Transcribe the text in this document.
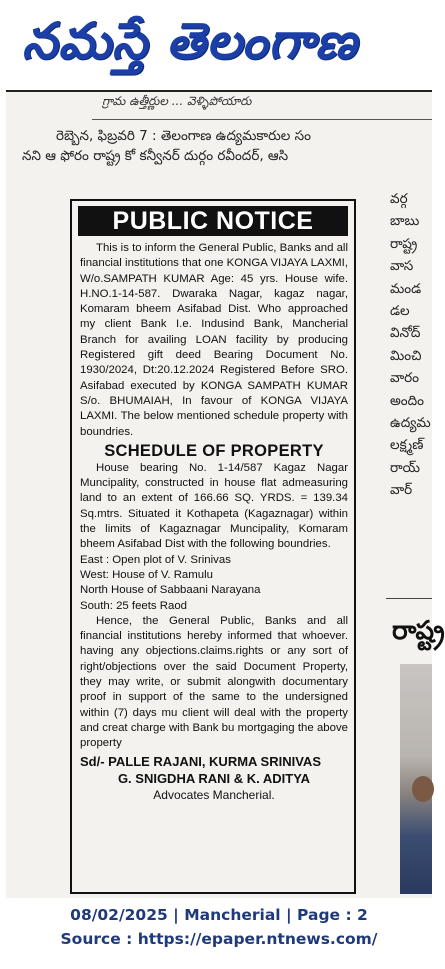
నమస్తే తెలంగాణ
గ్రామ ఉత్తీర్ణుల ... వెళ్ళిపోయారు
రెబ్బెన, ఫిబ్రవరి 7 : తెలంగాణ ఉద్యమకారుల సం
నని ఆ ఫోరం రాష్ట్ర కో కన్వీనర్ దుర్గం రవీందర్, ఆసి
వర్గ
బాబు
రాష్ట్ర
వాస
మండ
డల
వినోద్
మించి
వారం
అందిం
ఉద్యమ
లక్ష్మణ్
రాయ్
వార్
రాష్ట్ర
PUBLIC NOTICE

This is to inform the General Public, Banks and all financial institutions that one KONGA VIJAYA LAXMI, W/o.SAMPATH KUMAR Age: 45 yrs. House wife. H.NO.1-14-587. Dwaraka Nagar, kagaz nagar, Komaram bheem Asifabad Dist. Who approached my client Bank I.e. Indusind Bank, Mancherial Branch for availing LOAN facility by producing Registered gift deed Bearing Document No. 1930/2024, Dt:20.12.2024 Registered Before SRO. Asifabad executed by KONGA SAMPATH KUMAR S/o. BHUMAIAH, In favour of KONGA VIJAYA LAXMI. The below mentioned schedule property with boundries.

SCHEDULE OF PROPERTY

House bearing No. 1-14/587 Kagaz Nagar Muncipality, constructed in house flat admeasuring land to an extent of 166.66 SQ. YRDS. = 139.34 Sq.mtrs. Situated it Kothapeta (Kagaznagar) within the limits of Kagaznagar Muncipality, Komaram bheem Asifabad Dist with the following boundries.

East : Open plot of V. Srinivas

West: House of V. Ramulu

North House of Sabbaani Narayana

South: 25 feets Raod

Hence, the General Public, Banks and all financial institutions hereby informed that whoever. having any objections.claims.rights or any sort of right/objections over the said Document Property, they may write, or submit alongwith documentary proof in support of the same to the undersigned within (7) days mu client will deal with the property and creat charge with Bank bu mortgaging the above property

Sd/- PALLE RAJANI, KURMA SRINIVAS

G. SNIGDHA RANI & K. ADITYA

Advocates Mancherial.

08/02/2025 | Mancherial | Page : 2
Source : https://epaper.ntnews.com/
